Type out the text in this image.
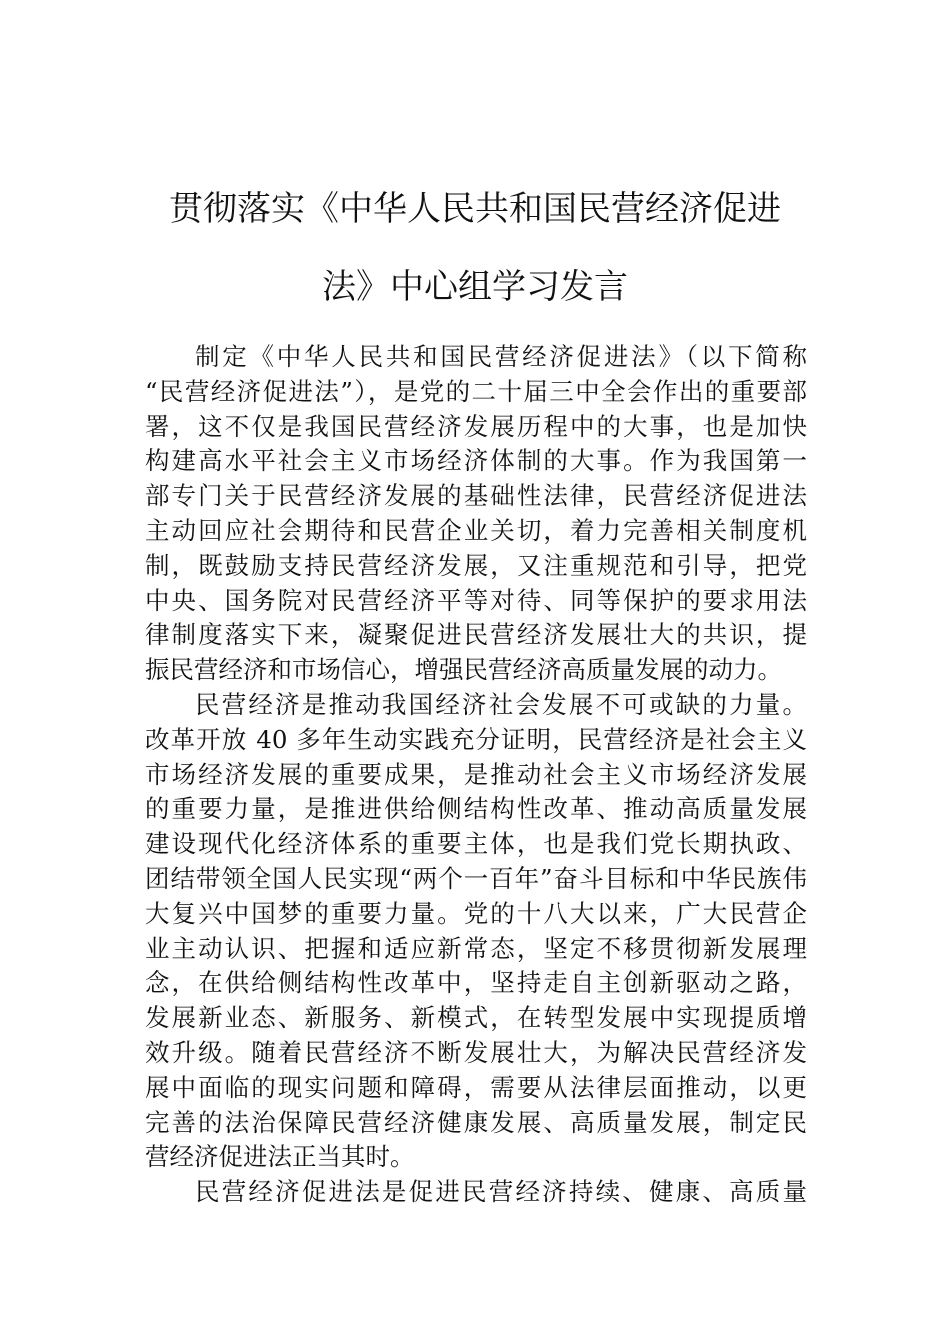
贯彻落实《中华人民共和国民营经济促进
法》中心组学习发言
制定《中华人民共和国民营经济促进法》（以下简称
“民营经济促进法”），是党的二十届三中全会作出的重要部
署，这不仅是我国民营经济发展历程中的大事，也是加快
构建高水平社会主义市场经济体制的大事。作为我国第一
部专门关于民营经济发展的基础性法律，民营经济促进法
主动回应社会期待和民营企业关切，着力完善相关制度机
制，既鼓励支持民营经济发展，又注重规范和引导，把党
中央、国务院对民营经济平等对待、同等保护的要求用法
律制度落实下来，凝聚促进民营经济发展壮大的共识，提
振民营经济和市场信心，增强民营经济高质量发展的动力。
民营经济是推动我国经济社会发展不可或缺的力量。
改革开放 40 多年生动实践充分证明，民营经济是社会主义
市场经济发展的重要成果，是推动社会主义市场经济发展
的重要力量，是推进供给侧结构性改革、推动高质量发展
建设现代化经济体系的重要主体，也是我们党长期执政、
团结带领全国人民实现“两个一百年”奋斗目标和中华民族伟
大复兴中国梦的重要力量。党的十八大以来，广大民营企
业主动认识、把握和适应新常态，坚定不移贯彻新发展理
念，在供给侧结构性改革中，坚持走自主创新驱动之路，
发展新业态、新服务、新模式，在转型发展中实现提质增
效升级。随着民营经济不断发展壮大，为解决民营经济发
展中面临的现实问题和障碍，需要从法律层面推动，以更
完善的法治保障民营经济健康发展、高质量发展，制定民
营经济促进法正当其时。
民营经济促进法是促进民营经济持续、健康、高质量
